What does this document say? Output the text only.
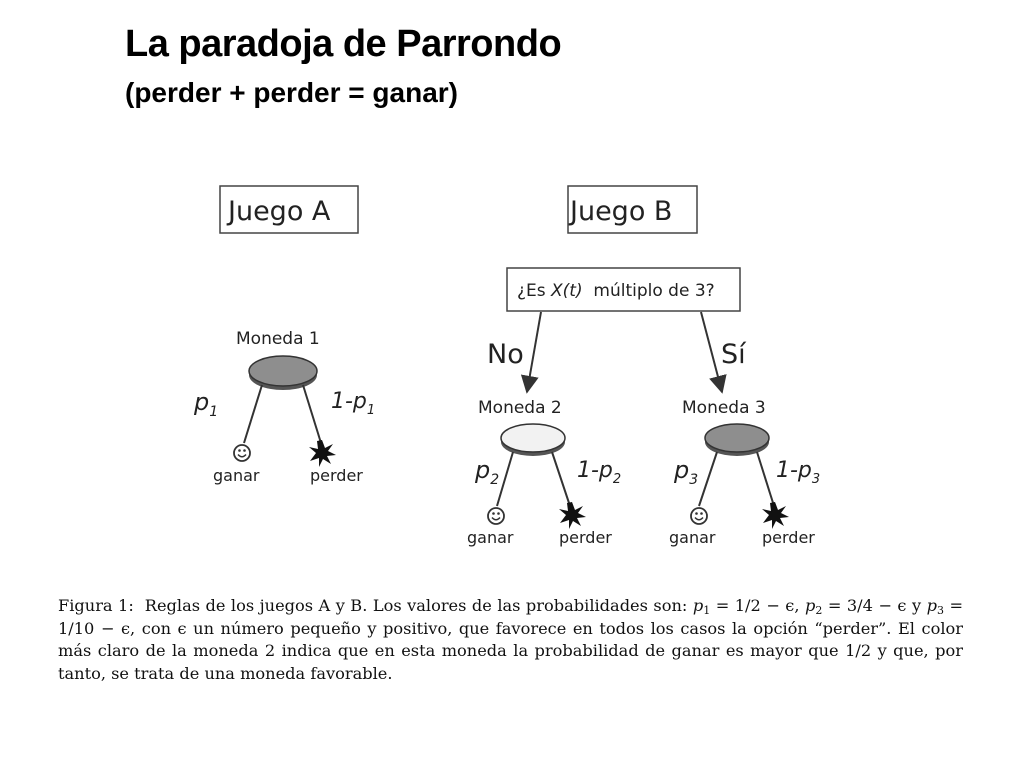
La paradoja de Parrondo
(perder + perder = ganar)
Juego A
Moneda 1
$p_1$	$1-p_1$
ganar	perder
Juego B
¿Es X(t)  múltiplo de 3?
No	Sí
Moneda 2
$p_2$	$1-p_2$
ganar	perder
Moneda 3
$p_3$	$1-p_3$
ganar	perder

Figura 1: Reglas de los juegos A y B. Los valores de las probabilidades son: $p_1 = 1/2 - \epsilon$, $p_2 = 3/4 - \epsilon$ y $p_3 = 1/10 - \epsilon$, con ϵ un número pequeño y positivo, que favorece en todos los casos la opción “perder”. El color más claro de la moneda 2 indica que en esta moneda la probabilidad de ganar es mayor que 1/2 y que, por tanto, se trata de una moneda favorable.
